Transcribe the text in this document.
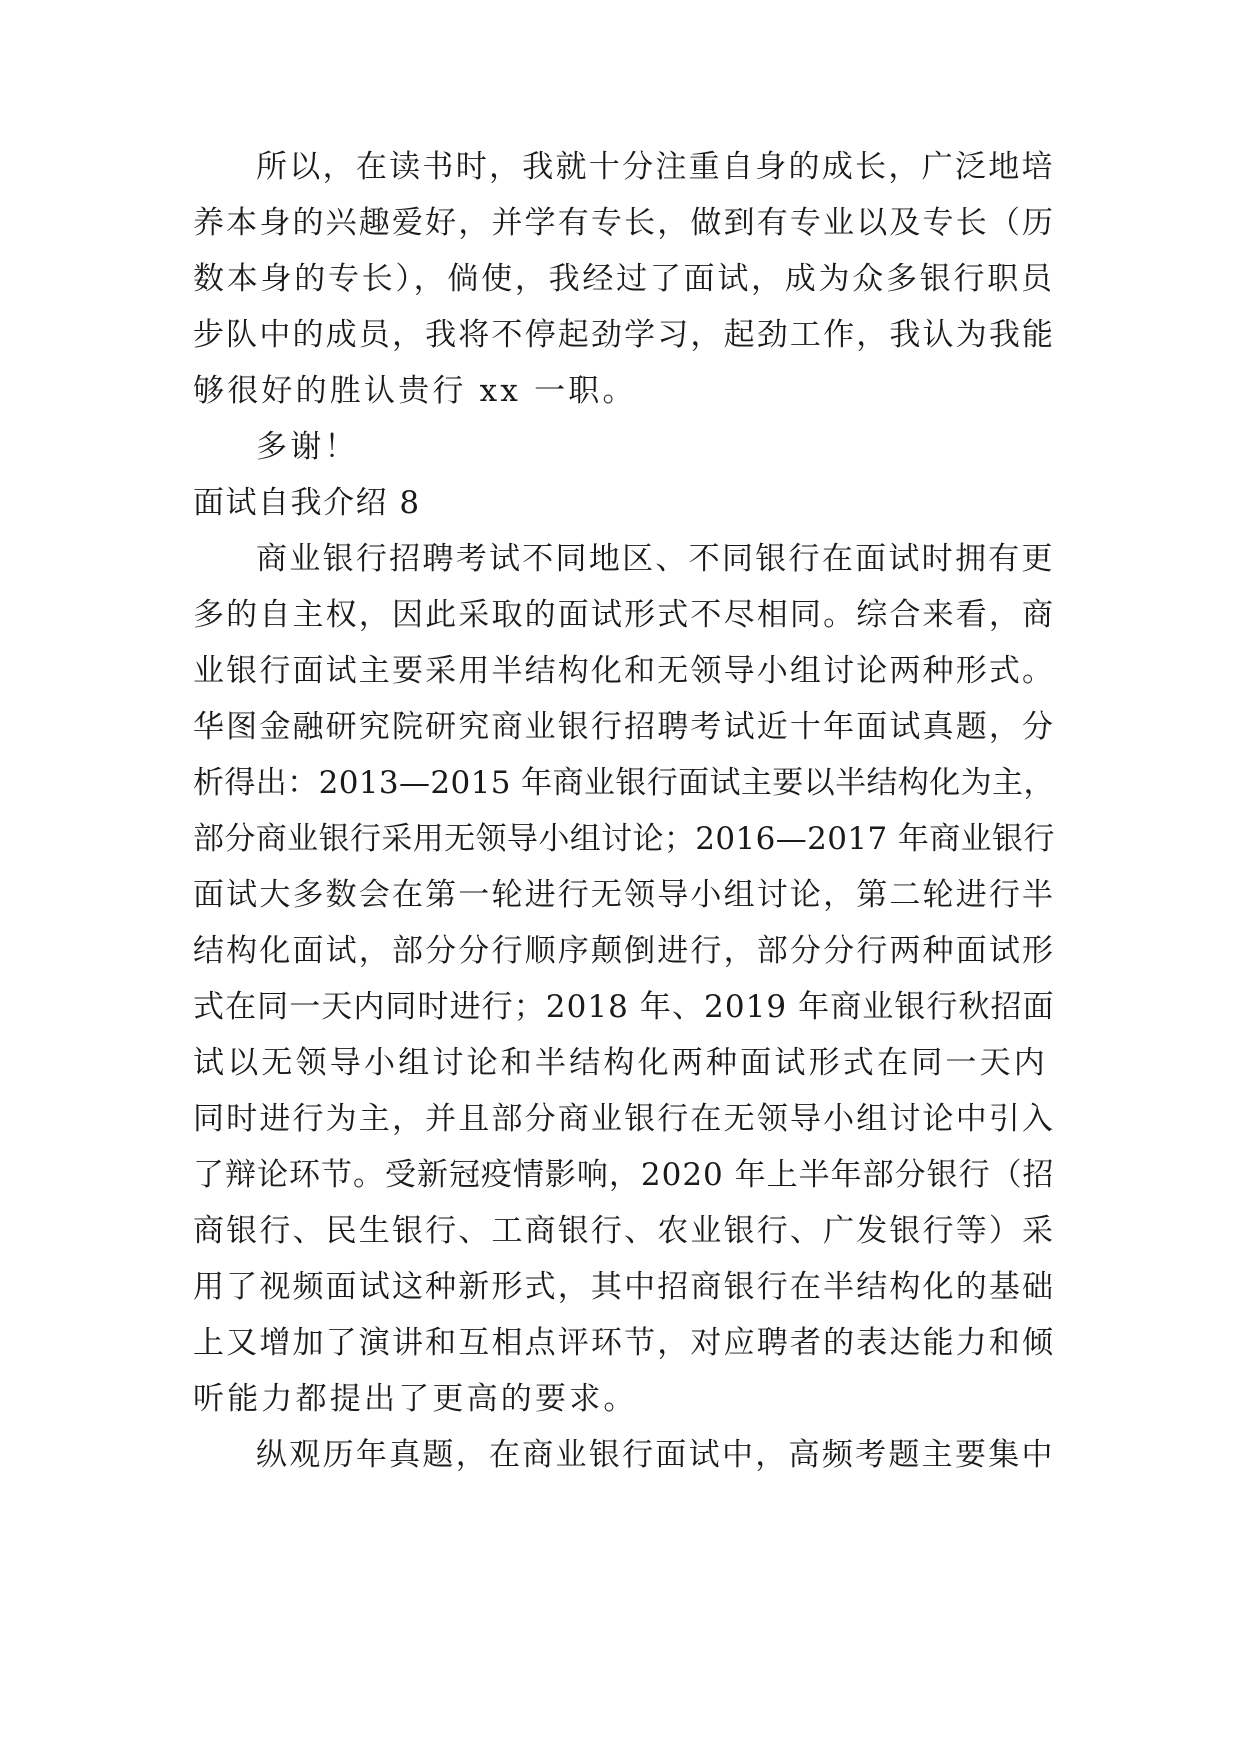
所以，在读书时，我就十分注重自身的成长，广泛地培
养本身的兴趣爱好，并学有专长，做到有专业以及专长（历
数本身的专长），倘使，我经过了面试，成为众多银行职员
步队中的成员，我将不停起劲学习，起劲工作，我认为我能
够很好的胜认贵行 xx 一职。
多谢！
面试自我介绍 8
商业银行招聘考试不同地区、不同银行在面试时拥有更
多的自主权，因此采取的面试形式不尽相同。综合来看，商
业银行面试主要采用半结构化和无领导小组讨论两种形式。
华图金融研究院研究商业银行招聘考试近十年面试真题，分
析得出：2013—2015 年商业银行面试主要以半结构化为主，
部分商业银行采用无领导小组讨论；2016—2017 年商业银行
面试大多数会在第一轮进行无领导小组讨论，第二轮进行半
结构化面试，部分分行顺序颠倒进行，部分分行两种面试形
式在同一天内同时进行；2018 年、2019 年商业银行秋招面
试以无领导小组讨论和半结构化两种面试形式在同一天内
同时进行为主，并且部分商业银行在无领导小组讨论中引入
了辩论环节。受新冠疫情影响，2020 年上半年部分银行（招
商银行、民生银行、工商银行、农业银行、广发银行等）采
用了视频面试这种新形式，其中招商银行在半结构化的基础
上又增加了演讲和互相点评环节，对应聘者的表达能力和倾
听能力都提出了更高的要求。
纵观历年真题，在商业银行面试中，高频考题主要集中
